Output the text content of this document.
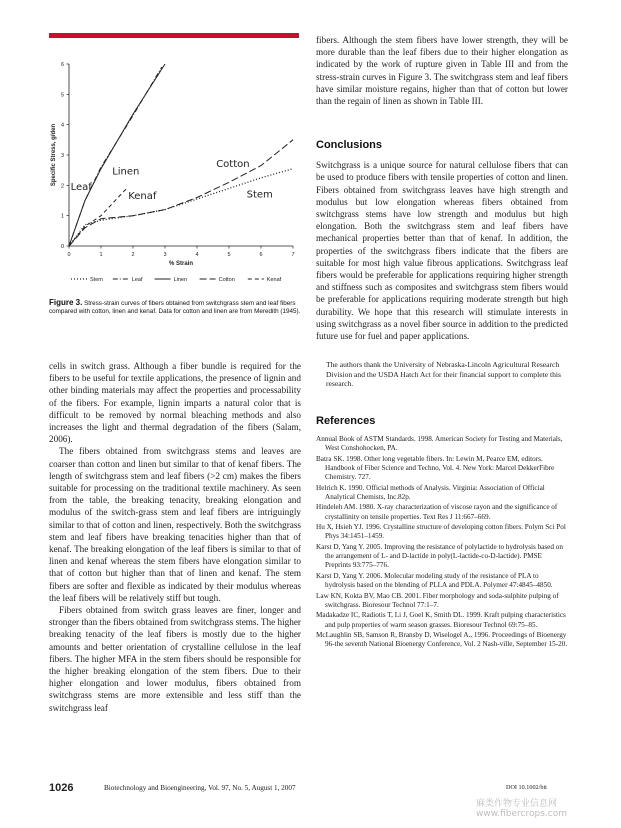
0	1	2	3	4	5	6	7
0
1
2
3
4
5
6
% Strain
Specific Stress, g/den
Leaf
Linen
Kenaf
Cotton
Stem
Stem	Leaf	Linen	Cotton	Kenaf
Figure 3. Stress-strain curves of fibers obtained from switchgrass stem and leaf fibers compared with cotton, linen and kenaf. Data for cotton and linen are from Meredith (1945).

cells in switch grass. Although a fiber bundle is required for the fibers to be useful for textile applications, the presence of lignin and other binding materials may affect the properties and processability of the fibers. For example, lignin imparts a natural color that is difficult to be removed by normal bleaching methods and also increases the light and thermal degradation of the fibers (Salam, 2006).

The fibers obtained from switchgrass stems and leaves are coarser than cotton and linen but similar to that of kenaf fibers. The length of switchgrass stem and leaf fibers (>2 cm) makes the fibers suitable for processing on the traditional textile machinery. As seen from the table, the breaking tenacity, breaking elongation and modulus of the switch-grass stem and leaf fibers are intriguingly similar to that of cotton and linen, respectively. Both the switchgrass stem and leaf fibers have breaking tenacities higher than that of kenaf. The breaking elongation of the leaf fibers is similar to that of linen and kenaf whereas the stem fibers have elongation similar to that of cotton but higher than that of linen and kenaf. The stem fibers are softer and flexible as indicated by their modulus whereas the leaf fibers will be relatively stiff but tough.

Fibers obtained from switch grass leaves are finer, longer and stronger than the fibers obtained from switchgrass stems. The higher breaking tenacity of the leaf fibers is mostly due to the higher amounts and better orientation of crystalline cellulose in the leaf fibers. The higher MFA in the stem fibers should be responsible for the higher breaking elongation of the stem fibers. Due to their higher elongation and lower modulus, fibers obtained from switchgrass stems are more extensible and less stiff than the switchgrass leaf

fibers. Although the stem fibers have lower strength, they will be more durable than the leaf fibers due to their higher elongation as indicated by the work of rupture given in Table III and from the stress-strain curves in Figure 3. The switchgrass stem and leaf fibers have similar moisture regains, higher than that of cotton but lower than the regain of linen as shown in Table III.

Conclusions

Switchgrass is a unique source for natural cellulose fibers that can be used to produce fibers with tensile properties of cotton and linen. Fibers obtained from switchgrass leaves have high strength and modulus but low elongation whereas fibers obtained from switchgrass stems have low strength and modulus but high elongation. Both the switchgrass stem and leaf fibers have mechanical properties better than that of kenaf. In addition, the properties of the switchgrass fibers indicate that the fibers are suitable for most high value fibrous applications. Switchgrass leaf fibers would be preferable for applications requiring higher strength and stiffness such as composites and switchgrass stem fibers would be preferable for applications requiring moderate strength but high durability. We hope that this research will stimulate interests in using switchgrass as a novel fiber source in addition to the predicted future use for fuel and paper applications.

The authors thank the University of Nebraska-Lincoln Agricultural Research Division and the USDA Hatch Act for their financial support to complete this research.

References
Annual Book of ASTM Standards. 1998. American Society for Testing and Materials, West Conshohocken, PA.
Batra SK. 1998. Other long vegetable fibers. In: Lewin M, Pearce EM, editors. Handbook of Fiber Science and Techno, Vol. 4. New York: Marcel DekkerFibre Chemistry. 727.
Helrich K. 1990. Official methods of Analysis. Virginia: Association of Official Analytical Chemists, Inc.82p.
Hindeleh AM. 1980. X-ray characterization of viscose rayon and the significance of crystallinity on tensile properties. Text Res J 11:667–669.
Hu X, Hsieh YJ. 1996. Crystalline structure of developing cotton fibers. Polym Sci Pol Phys 34:1451–1459.
Karst D, Yang Y. 2005. Improving the resistance of polylactide to hydrolysis based on the arrangement of L- and D-lactide in poly(L-lactide-co-D-lactide). PMSE Preprints 93:775–776.
Karst D, Yang Y. 2006. Molecular modeling study of the resistance of PLA to hydrolysis based on the blending of PLLA and PDLA. Polymer 47:4845–4850.
Law KN, Kokta BV, Mao CB. 2001. Fiber morphology and soda-sulphite pulping of switchgrass. Bioresour Technol 77:1–7.
Madakadze IC, Radiotis T, Li J, Goel K, Smith DL. 1999. Kraft pulping characteristics and pulp properties of warm season grasses. Bioresour Technol 69:75–85.
McLaughlin SB, Samson R, Bransby D, Wiselogel A., 1996. Proceedings of Bioenergy 96-the seventh National Bioenergy Conference, Vol. 2 Nash-ville, September 15-20.
1026	Biotechnology and Bioengineering, Vol. 97, No. 5, August 1, 2007	DOI 10.1002/bit
麻类作物专业信息网 www.fibercrops.com
